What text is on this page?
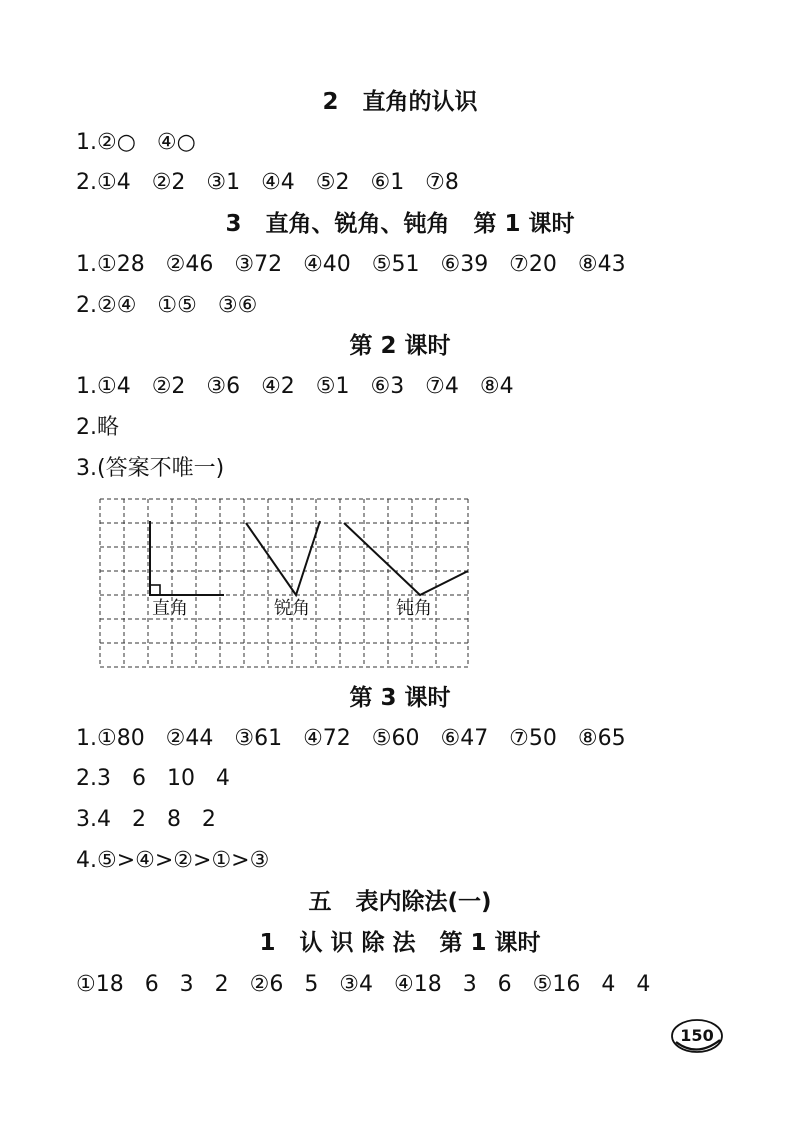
2   直角的认识
1.②○   ④○
2.①4   ②2   ③1   ④4   ⑤2   ⑥1   ⑦8
3   直角、锐角、钝角   第 1 课时
1.①28   ②46   ③72   ④40   ⑤51   ⑥39   ⑦20   ⑧43
2.②④   ①⑤   ③⑥
第 2 课时
1.①4   ②2   ③6   ④2   ⑤1   ⑥3   ⑦4   ⑧4
2.略
3.(答案不唯一)
直角	锐角	钝角
第 3 课时
1.①80   ②44   ③61   ④72   ⑤60   ⑥47   ⑦50   ⑧65
2.3   6   10   4
3.4   2   8   2
4.⑤>④>②>①>③
五   表内除法(一)
1   认 识 除 法   第 1 课时
①18   6   3   2   ②6   5   ③4   ④18   3   6   ⑤16   4   4
150
